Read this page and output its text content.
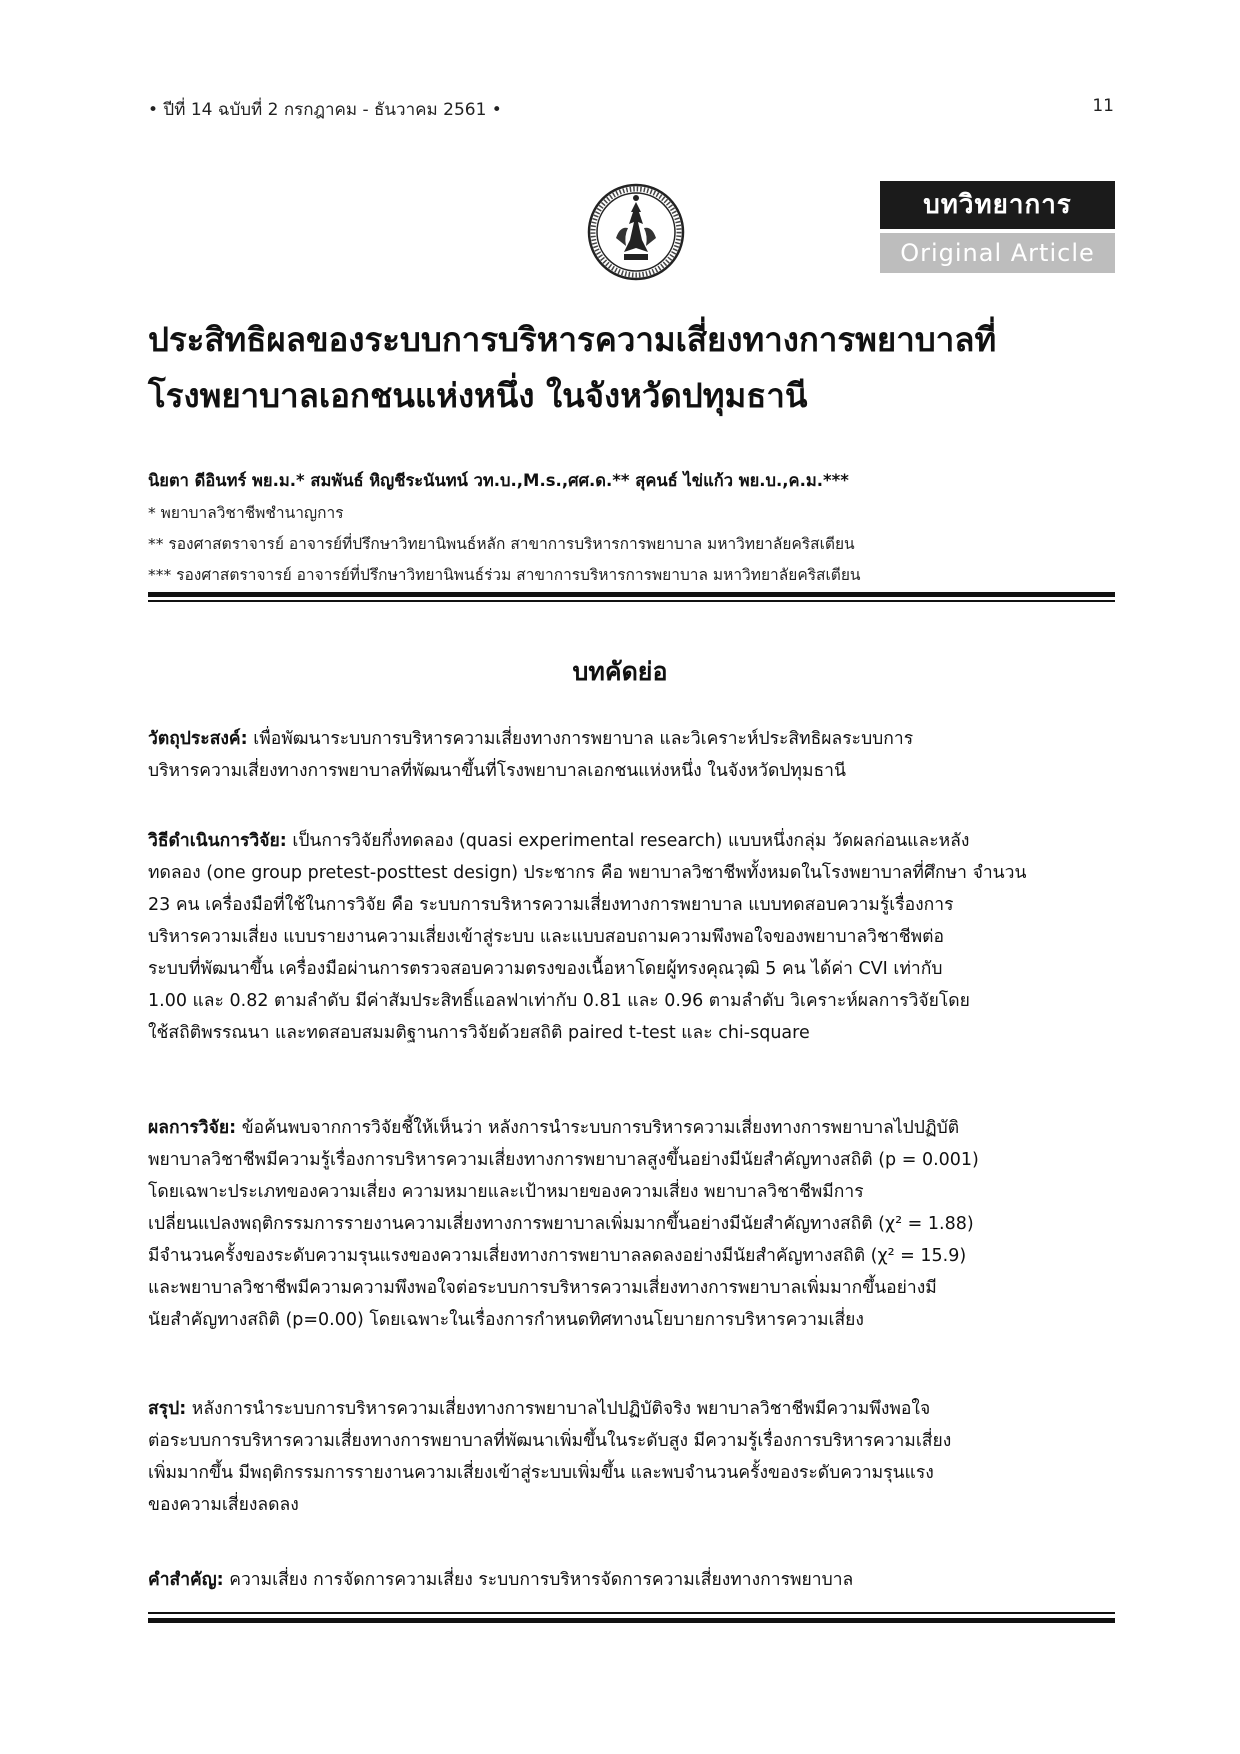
• ปีที่ 14 ฉบับที่ 2 กรกฎาคม - ธันวาคม 2561 •	11
บทวิทยาการ
Original Article
ประสิทธิผลของระบบการบริหารความเสี่ยงทางการพยาบาลที่
โรงพยาบาลเอกชนแห่งหนึ่ง ในจังหวัดปทุมธานี
นิยตา ดีอินทร์ พย.ม.* สมพันธ์ หิญชีระนันทน์ วท.บ.,M.s.,ศศ.ด.** สุคนธ์ ไข่แก้ว พย.บ.,ค.ม.***
* พยาบาลวิชาชีพชำนาญการ
** รองศาสตราจารย์ อาจารย์ที่ปรึกษาวิทยานิพนธ์หลัก สาขาการบริหารการพยาบาล มหาวิทยาลัยคริสเตียน
*** รองศาสตราจารย์ อาจารย์ที่ปรึกษาวิทยานิพนธ์ร่วม สาขาการบริหารการพยาบาล มหาวิทยาลัยคริสเตียน
บทคัดย่อ
วัตถุประสงค์: เพื่อพัฒนาระบบการบริหารความเสี่ยงทางการพยาบาล และวิเคราะห์ประสิทธิผลระบบการ
บริหารความเสี่ยงทางการพยาบาลที่พัฒนาขึ้นที่โรงพยาบาลเอกชนแห่งหนึ่ง ในจังหวัดปทุมธานี
วิธีดำเนินการวิจัย: เป็นการวิจัยกึ่งทดลอง (quasi experimental research) แบบหนึ่งกลุ่ม วัดผลก่อนและหลัง
ทดลอง (one group pretest-posttest design) ประชากร คือ พยาบาลวิชาชีพทั้งหมดในโรงพยาบาลที่ศึกษา จำนวน
23 คน เครื่องมือที่ใช้ในการวิจัย คือ ระบบการบริหารความเสี่ยงทางการพยาบาล แบบทดสอบความรู้เรื่องการ
บริหารความเสี่ยง แบบรายงานความเสี่ยงเข้าสู่ระบบ และแบบสอบถามความพึงพอใจของพยาบาลวิชาชีพต่อ
ระบบที่พัฒนาขึ้น เครื่องมือผ่านการตรวจสอบความตรงของเนื้อหาโดยผู้ทรงคุณวุฒิ 5 คน ได้ค่า CVI เท่ากับ
1.00 และ 0.82 ตามลำดับ มีค่าสัมประสิทธิ์แอลฟาเท่ากับ 0.81 และ 0.96 ตามลำดับ วิเคราะห์ผลการวิจัยโดย
ใช้สถิติพรรณนา และทดสอบสมมติฐานการวิจัยด้วยสถิติ paired t-test และ chi-square
ผลการวิจัย: ข้อค้นพบจากการวิจัยชี้ให้เห็นว่า หลังการนำระบบการบริหารความเสี่ยงทางการพยาบาลไปปฏิบัติ
พยาบาลวิชาชีพมีความรู้เรื่องการบริหารความเสี่ยงทางการพยาบาลสูงขึ้นอย่างมีนัยสำคัญทางสถิติ (p = 0.001)
โดยเฉพาะประเภทของความเสี่ยง ความหมายและเป้าหมายของความเสี่ยง พยาบาลวิชาชีพมีการ
เปลี่ยนแปลงพฤติกรรมการรายงานความเสี่ยงทางการพยาบาลเพิ่มมากขึ้นอย่างมีนัยสำคัญทางสถิติ (χ² = 1.88)
มีจำนวนครั้งของระดับความรุนแรงของความเสี่ยงทางการพยาบาลลดลงอย่างมีนัยสำคัญทางสถิติ (χ² = 15.9)
และพยาบาลวิชาชีพมีความความพึงพอใจต่อระบบการบริหารความเสี่ยงทางการพยาบาลเพิ่มมากขึ้นอย่างมี
นัยสำคัญทางสถิติ (p=0.00) โดยเฉพาะในเรื่องการกำหนดทิศทางนโยบายการบริหารความเสี่ยง
สรุป: หลังการนำระบบการบริหารความเสี่ยงทางการพยาบาลไปปฏิบัติจริง พยาบาลวิชาชีพมีความพึงพอใจ
ต่อระบบการบริหารความเสี่ยงทางการพยาบาลที่พัฒนาเพิ่มขึ้นในระดับสูง มีความรู้เรื่องการบริหารความเสี่ยง
เพิ่มมากขึ้น มีพฤติกรรมการรายงานความเสี่ยงเข้าสู่ระบบเพิ่มขึ้น และพบจำนวนครั้งของระดับความรุนแรง
ของความเสี่ยงลดลง
คำสำคัญ: ความเสี่ยง การจัดการความเสี่ยง ระบบการบริหารจัดการความเสี่ยงทางการพยาบาล
